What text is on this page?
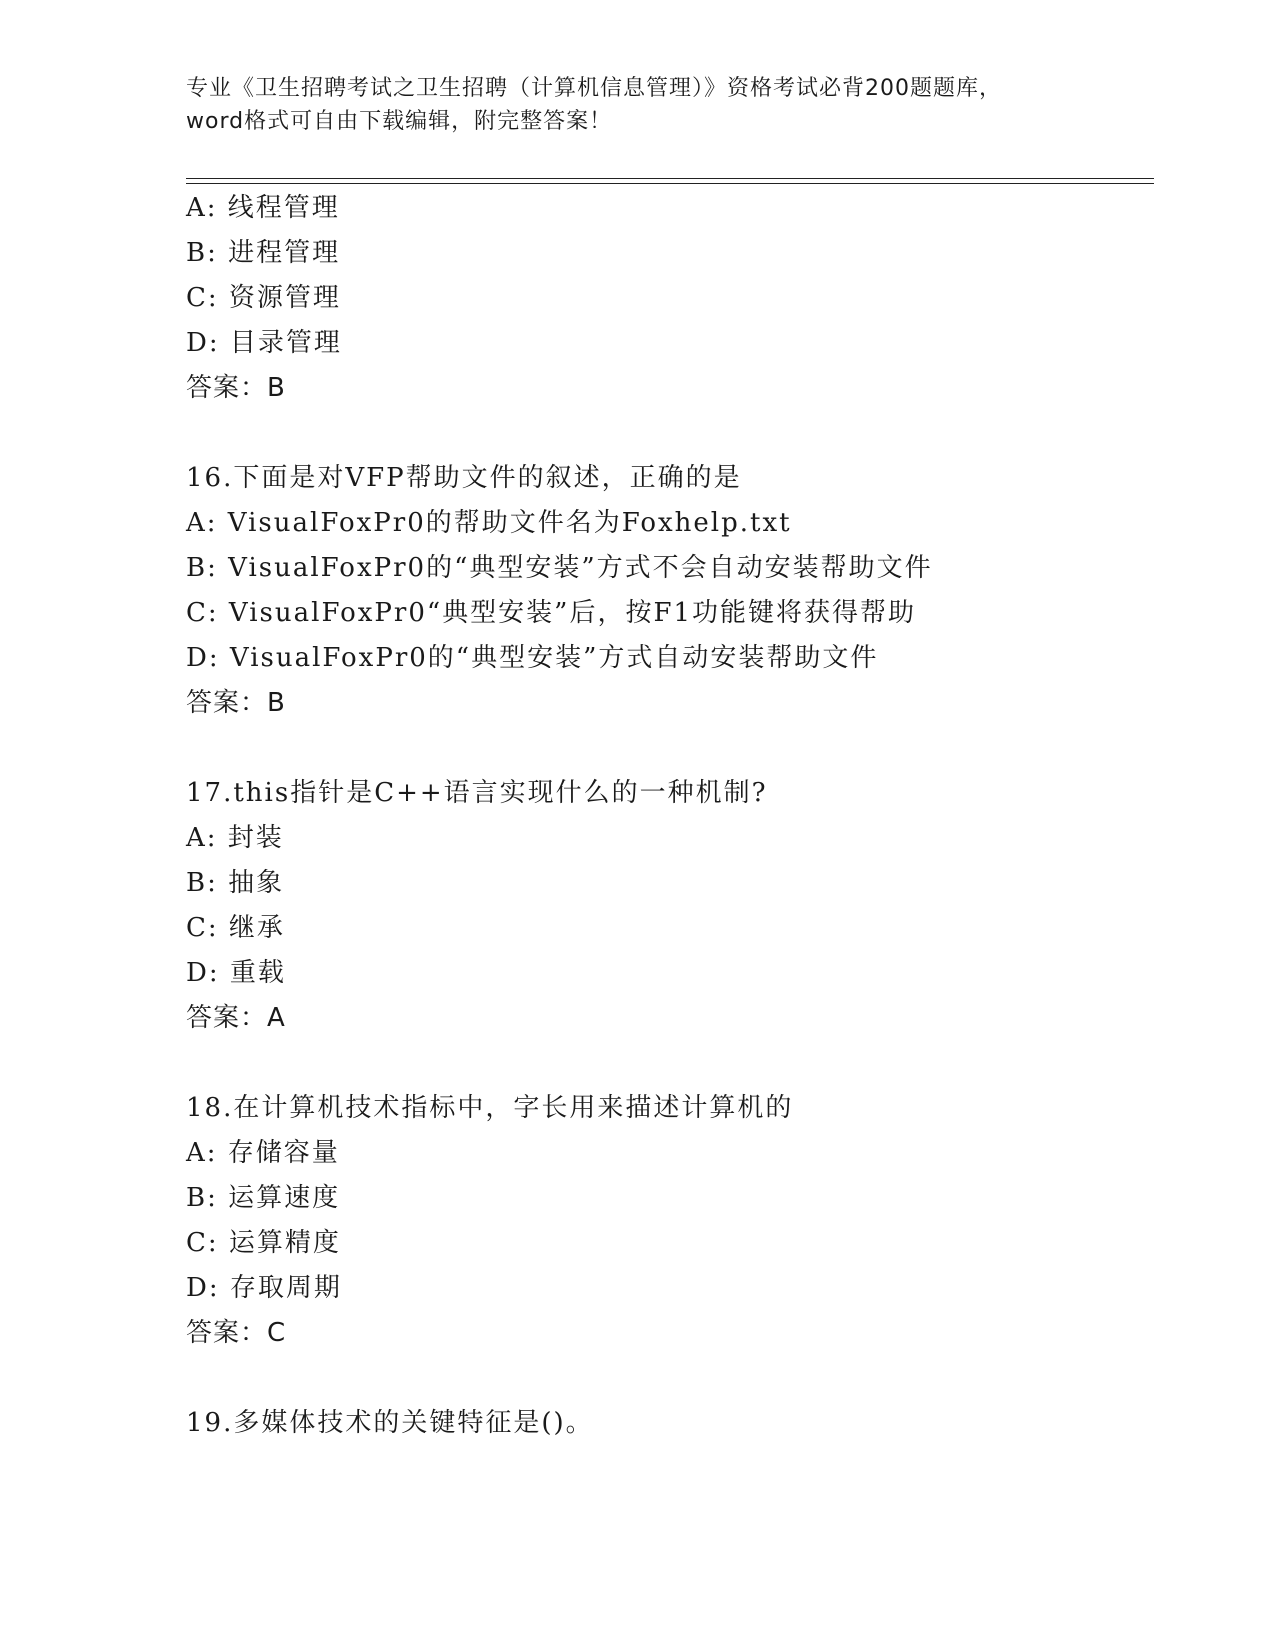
专业《卫生招聘考试之卫生招聘（计算机信息管理）》资格考试必背200题题库，
word格式可自由下载编辑，附完整答案！
A: 线程管理
B: 进程管理
C: 资源管理
D: 目录管理
答案：B
16.下面是对VFP帮助文件的叙述，正确的是
A: VisualFoxPr0的帮助文件名为Foxhelp.txt
B: VisualFoxPr0的“典型安装”方式不会自动安装帮助文件
C: VisualFoxPr0“典型安装”后，按F1功能键将获得帮助
D: VisualFoxPr0的“典型安装”方式自动安装帮助文件
答案：B
17.this指针是C++语言实现什么的一种机制?
A: 封装
B: 抽象
C: 继承
D: 重载
答案：A
18.在计算机技术指标中，字长用来描述计算机的
A: 存储容量
B: 运算速度
C: 运算精度
D: 存取周期
答案：C
19.多媒体技术的关键特征是()。
